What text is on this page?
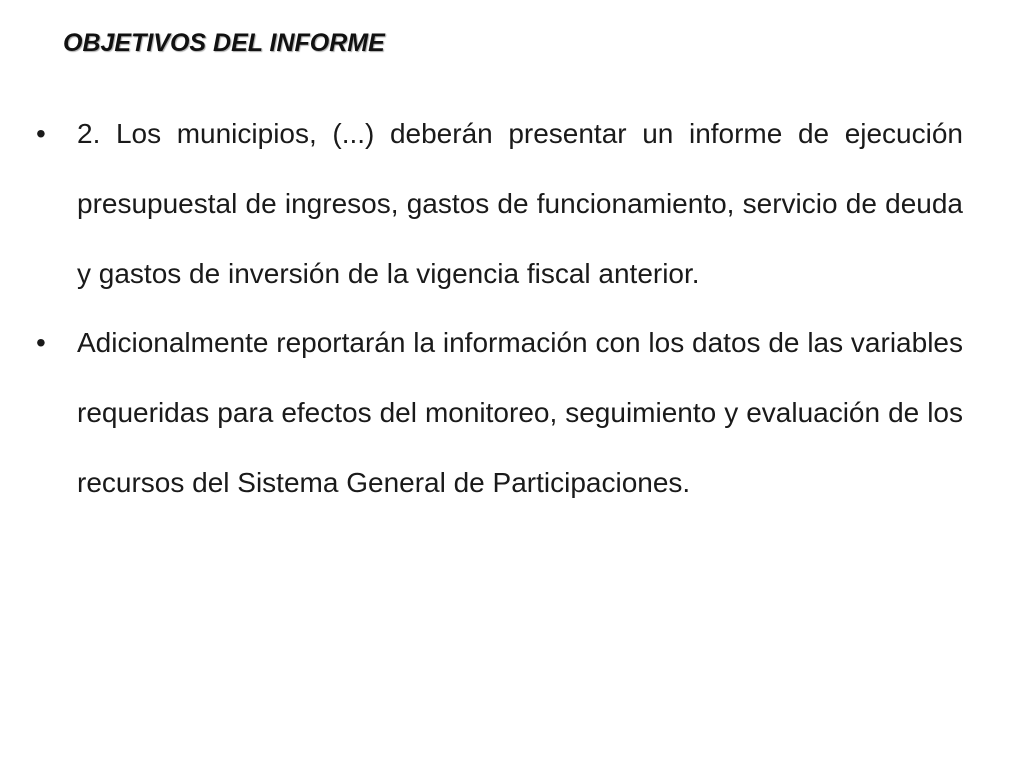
OBJETIVOS DEL INFORME
•	2. Los municipios, (...) deberán presentar un informe de ejecución presupuestal de ingresos, gastos de funcionamiento, servicio de deuda y gastos de inversión de la vigencia fiscal anterior.
•	Adicionalmente reportarán la información con los datos de las variables requeridas para efectos del monitoreo, seguimiento y evaluación de los recursos del Sistema General de Participaciones.
